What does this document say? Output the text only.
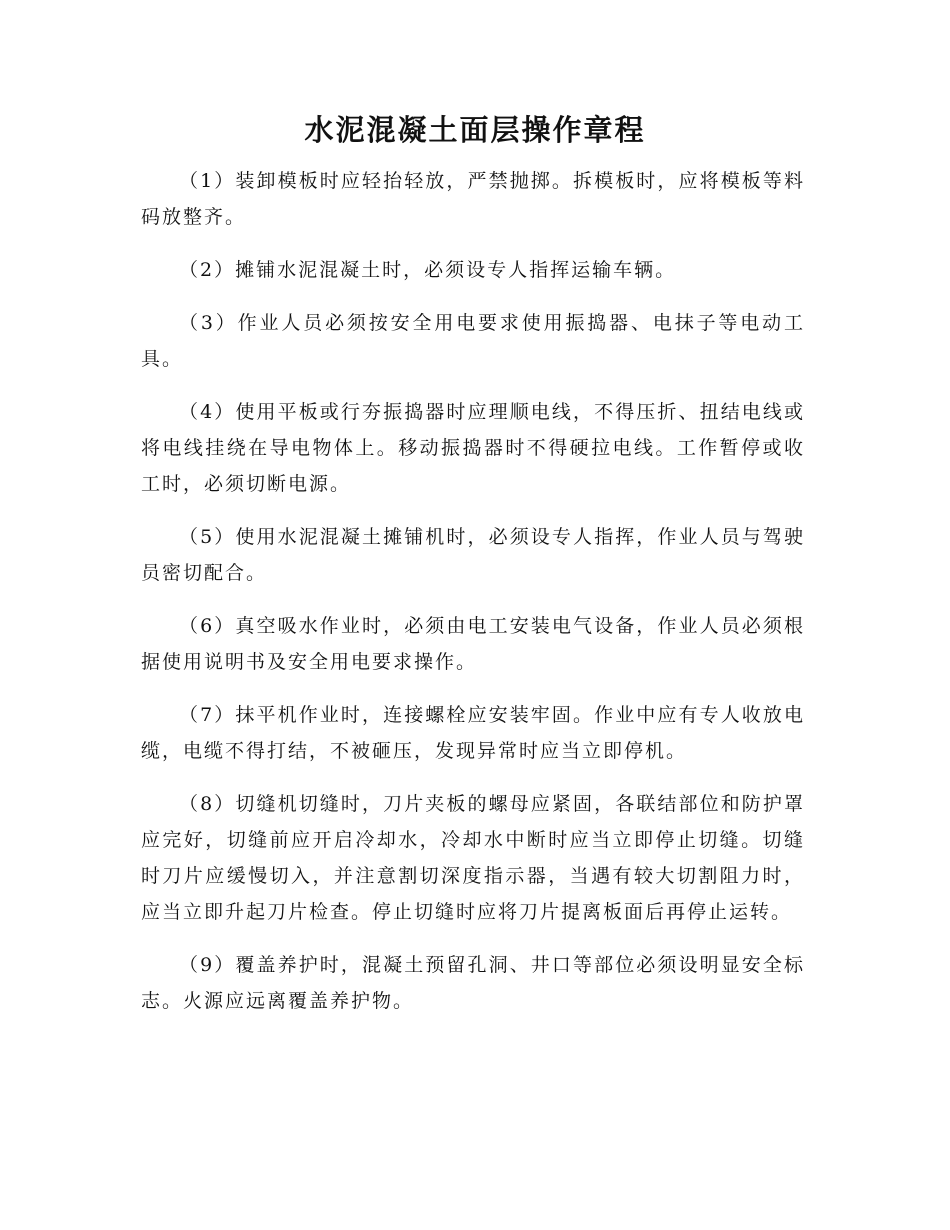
水泥混凝土面层操作章程

（1）装卸模板时应轻抬轻放，严禁抛掷。拆模板时，应将模板等料码放整齐。

（2）摊铺水泥混凝土时，必须设专人指挥运输车辆。

（3）作业人员必须按安全用电要求使用振捣器、电抹子等电动工具。

（4）使用平板或行夯振捣器时应理顺电线，不得压折、扭结电线或将电线挂绕在导电物体上。移动振捣器时不得硬拉电线。工作暂停或收工时，必须切断电源。

（5）使用水泥混凝土摊铺机时，必须设专人指挥，作业人员与驾驶员密切配合。

（6）真空吸水作业时，必须由电工安装电气设备，作业人员必须根据使用说明书及安全用电要求操作。

（7）抹平机作业时，连接螺栓应安装牢固。作业中应有专人收放电缆，电缆不得打结，不被砸压，发现异常时应当立即停机。

（8）切缝机切缝时，刀片夹板的螺母应紧固，各联结部位和防护罩应完好，切缝前应开启冷却水，冷却水中断时应当立即停止切缝。切缝时刀片应缓慢切入，并注意割切深度指示器，当遇有较大切割阻力时，应当立即升起刀片检查。停止切缝时应将刀片提离板面后再停止运转。

（9）覆盖养护时，混凝土预留孔洞、井口等部位必须设明显安全标志。火源应远离覆盖养护物。
